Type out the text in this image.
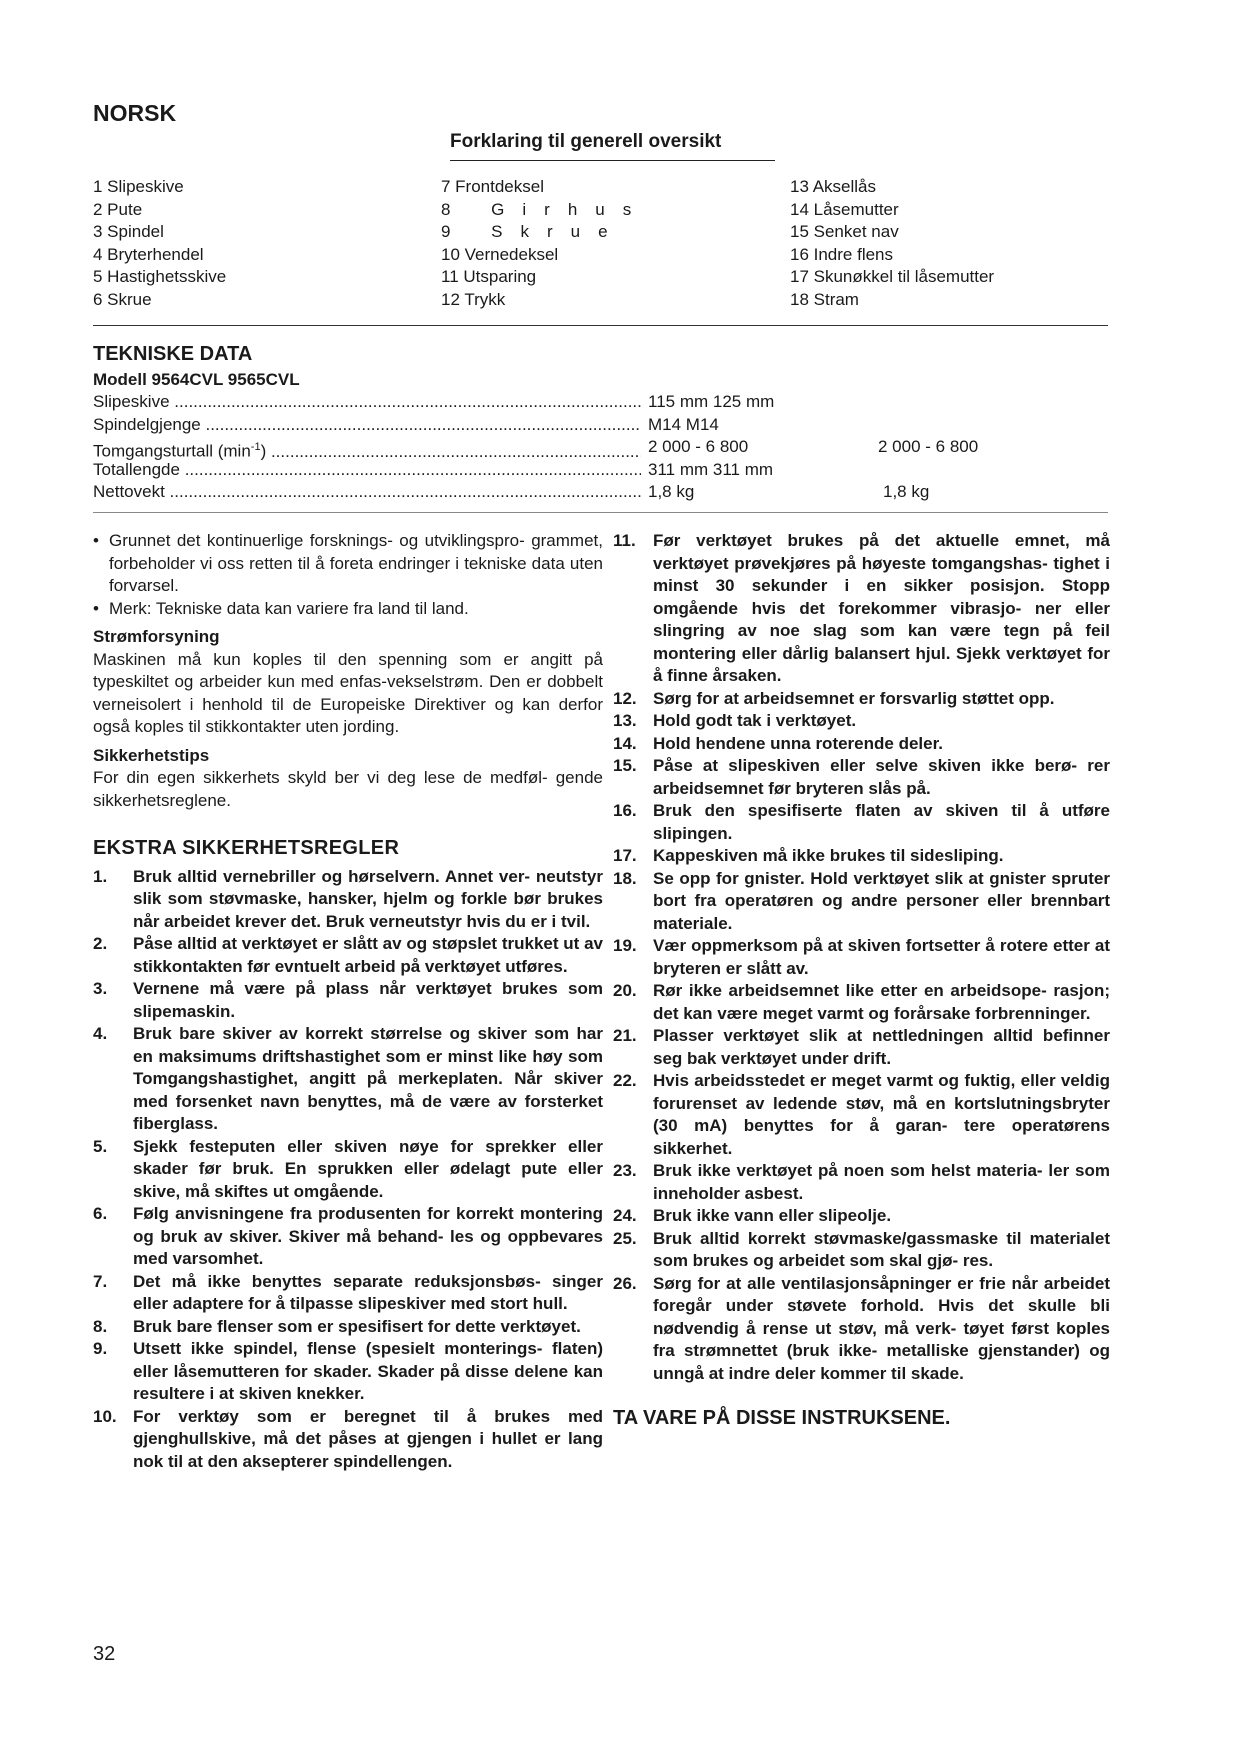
NORSK
Forklaring til generell oversikt
1 Slipeskive
2 Pute
3 Spindel
4 Bryterhendel
5 Hastighetsskive
6 Skrue
7 Frontdeksel
8 Girhus
9 Skrue
10 Vernedeksel
11 Utsparing
12 Trykk
13 Aksellås
14 Låsemutter
15 Senket nav
16 Indre flens
17 Skunøkkel til låsemutter
18 Stram
TEKNISKE DATA
Modell 9564CVL 9565CVL
Slipeskive .....	115 mm 125 mm
Spindelgjenge .....	M14 M14
Tomgangsturtall $(\min^{-1})$ .....	2 000 - 6 800	2 000 - 6 800
Totallengde .....	311 mm 311 mm
Nettovekt .....	1,8 kg	1,8 kg
• Grunnet det kontinuerlige forsknings- og utviklingspro- grammet, forbeholder vi oss retten til å foreta endringer i tekniske data uten forvarsel.
• Merk: Tekniske data kan variere fra land til land.
Strømforsyning
Maskinen må kun koples til den spenning som er angitt på typeskiltet og arbeider kun med enfas-vekselstrøm. Den er dobbelt verneisolert i henhold til de Europeiske Direktiver og kan derfor også koples til stikkontakter uten jording.
Sikkerhetstips
For din egen sikkerhets skyld ber vi deg lese de medføl- gende sikkerhetsreglene.
EKSTRA SIKKERHETSREGLER
1. Bruk alltid vernebriller og hørselvern. Annet ver- neutstyr slik som støvmaske, hansker, hjelm og forkle bør brukes når arbeidet krever det. Bruk verneutstyr hvis du er i tvil.
2. Påse alltid at verktøyet er slått av og støpslet trukket ut av stikkontakten før evntuelt arbeid på verktøyet utføres.
3. Vernene må være på plass når verktøyet brukes som slipemaskin.
4. Bruk bare skiver av korrekt størrelse og skiver som har en maksimums driftshastighet som er minst like høy som Tomgangshastighet, angitt på merkeplaten. Når skiver med forsenket navn benyttes, må de være av forsterket fiberglass.
5. Sjekk festeputen eller skiven nøye for sprekker eller skader før bruk. En sprukken eller ødelagt pute eller skive, må skiftes ut omgående.
6. Følg anvisningene fra produsenten for korrekt montering og bruk av skiver. Skiver må behand- les og oppbevares med varsomhet.
7. Det må ikke benyttes separate reduksjonsbøs- singer eller adaptere for å tilpasse slipeskiver med stort hull.
8. Bruk bare flenser som er spesifisert for dette verktøyet.
9. Utsett ikke spindel, flense (spesielt monterings- flaten) eller låsemutteren for skader. Skader på disse delene kan resultere i at skiven knekker.
10. For verktøy som er beregnet til å brukes med gjenghullskive, må det påses at gjengen i hullet er lang nok til at den aksepterer spindellengen.
11. Før verktøyet brukes på det aktuelle emnet, må verktøyet prøvekjøres på høyeste tomgangshas- tighet i minst 30 sekunder i en sikker posisjon. Stopp omgående hvis det forekommer vibrasjo- ner eller slingring av noe slag som kan være tegn på feil montering eller dårlig balansert hjul. Sjekk verktøyet for å finne årsaken.
12. Sørg for at arbeidsemnet er forsvarlig støttet opp.
13. Hold godt tak i verktøyet.
14. Hold hendene unna roterende deler.
15. Påse at slipeskiven eller selve skiven ikke berø- rer arbeidsemnet før bryteren slås på.
16. Bruk den spesifiserte flaten av skiven til å utføre slipingen.
17. Kappeskiven må ikke brukes til sidesliping.
18. Se opp for gnister. Hold verktøyet slik at gnister spruter bort fra operatøren og andre personer eller brennbart materiale.
19. Vær oppmerksom på at skiven fortsetter å rotere etter at bryteren er slått av.
20. Rør ikke arbeidsemnet like etter en arbeidsope- rasjon; det kan være meget varmt og forårsake forbrenninger.
21. Plasser verktøyet slik at nettledningen alltid befinner seg bak verktøyet under drift.
22. Hvis arbeidsstedet er meget varmt og fuktig, eller veldig forurenset av ledende støv, må en kortslutningsbryter (30 mA) benyttes for å garan- tere operatørens sikkerhet.
23. Bruk ikke verktøyet på noen som helst materia- ler som inneholder asbest.
24. Bruk ikke vann eller slipeolje.
25. Bruk alltid korrekt støvmaske/gassmaske til materialet som brukes og arbeidet som skal gjø- res.
26. Sørg for at alle ventilasjonsåpninger er frie når arbeidet foregår under støvete forhold. Hvis det skulle bli nødvendig å rense ut støv, må verk- tøyet først koples fra strømnettet (bruk ikke- metalliske gjenstander) og unngå at indre deler kommer til skade.
TA VARE PÅ DISSE INSTRUKSENE.
32
